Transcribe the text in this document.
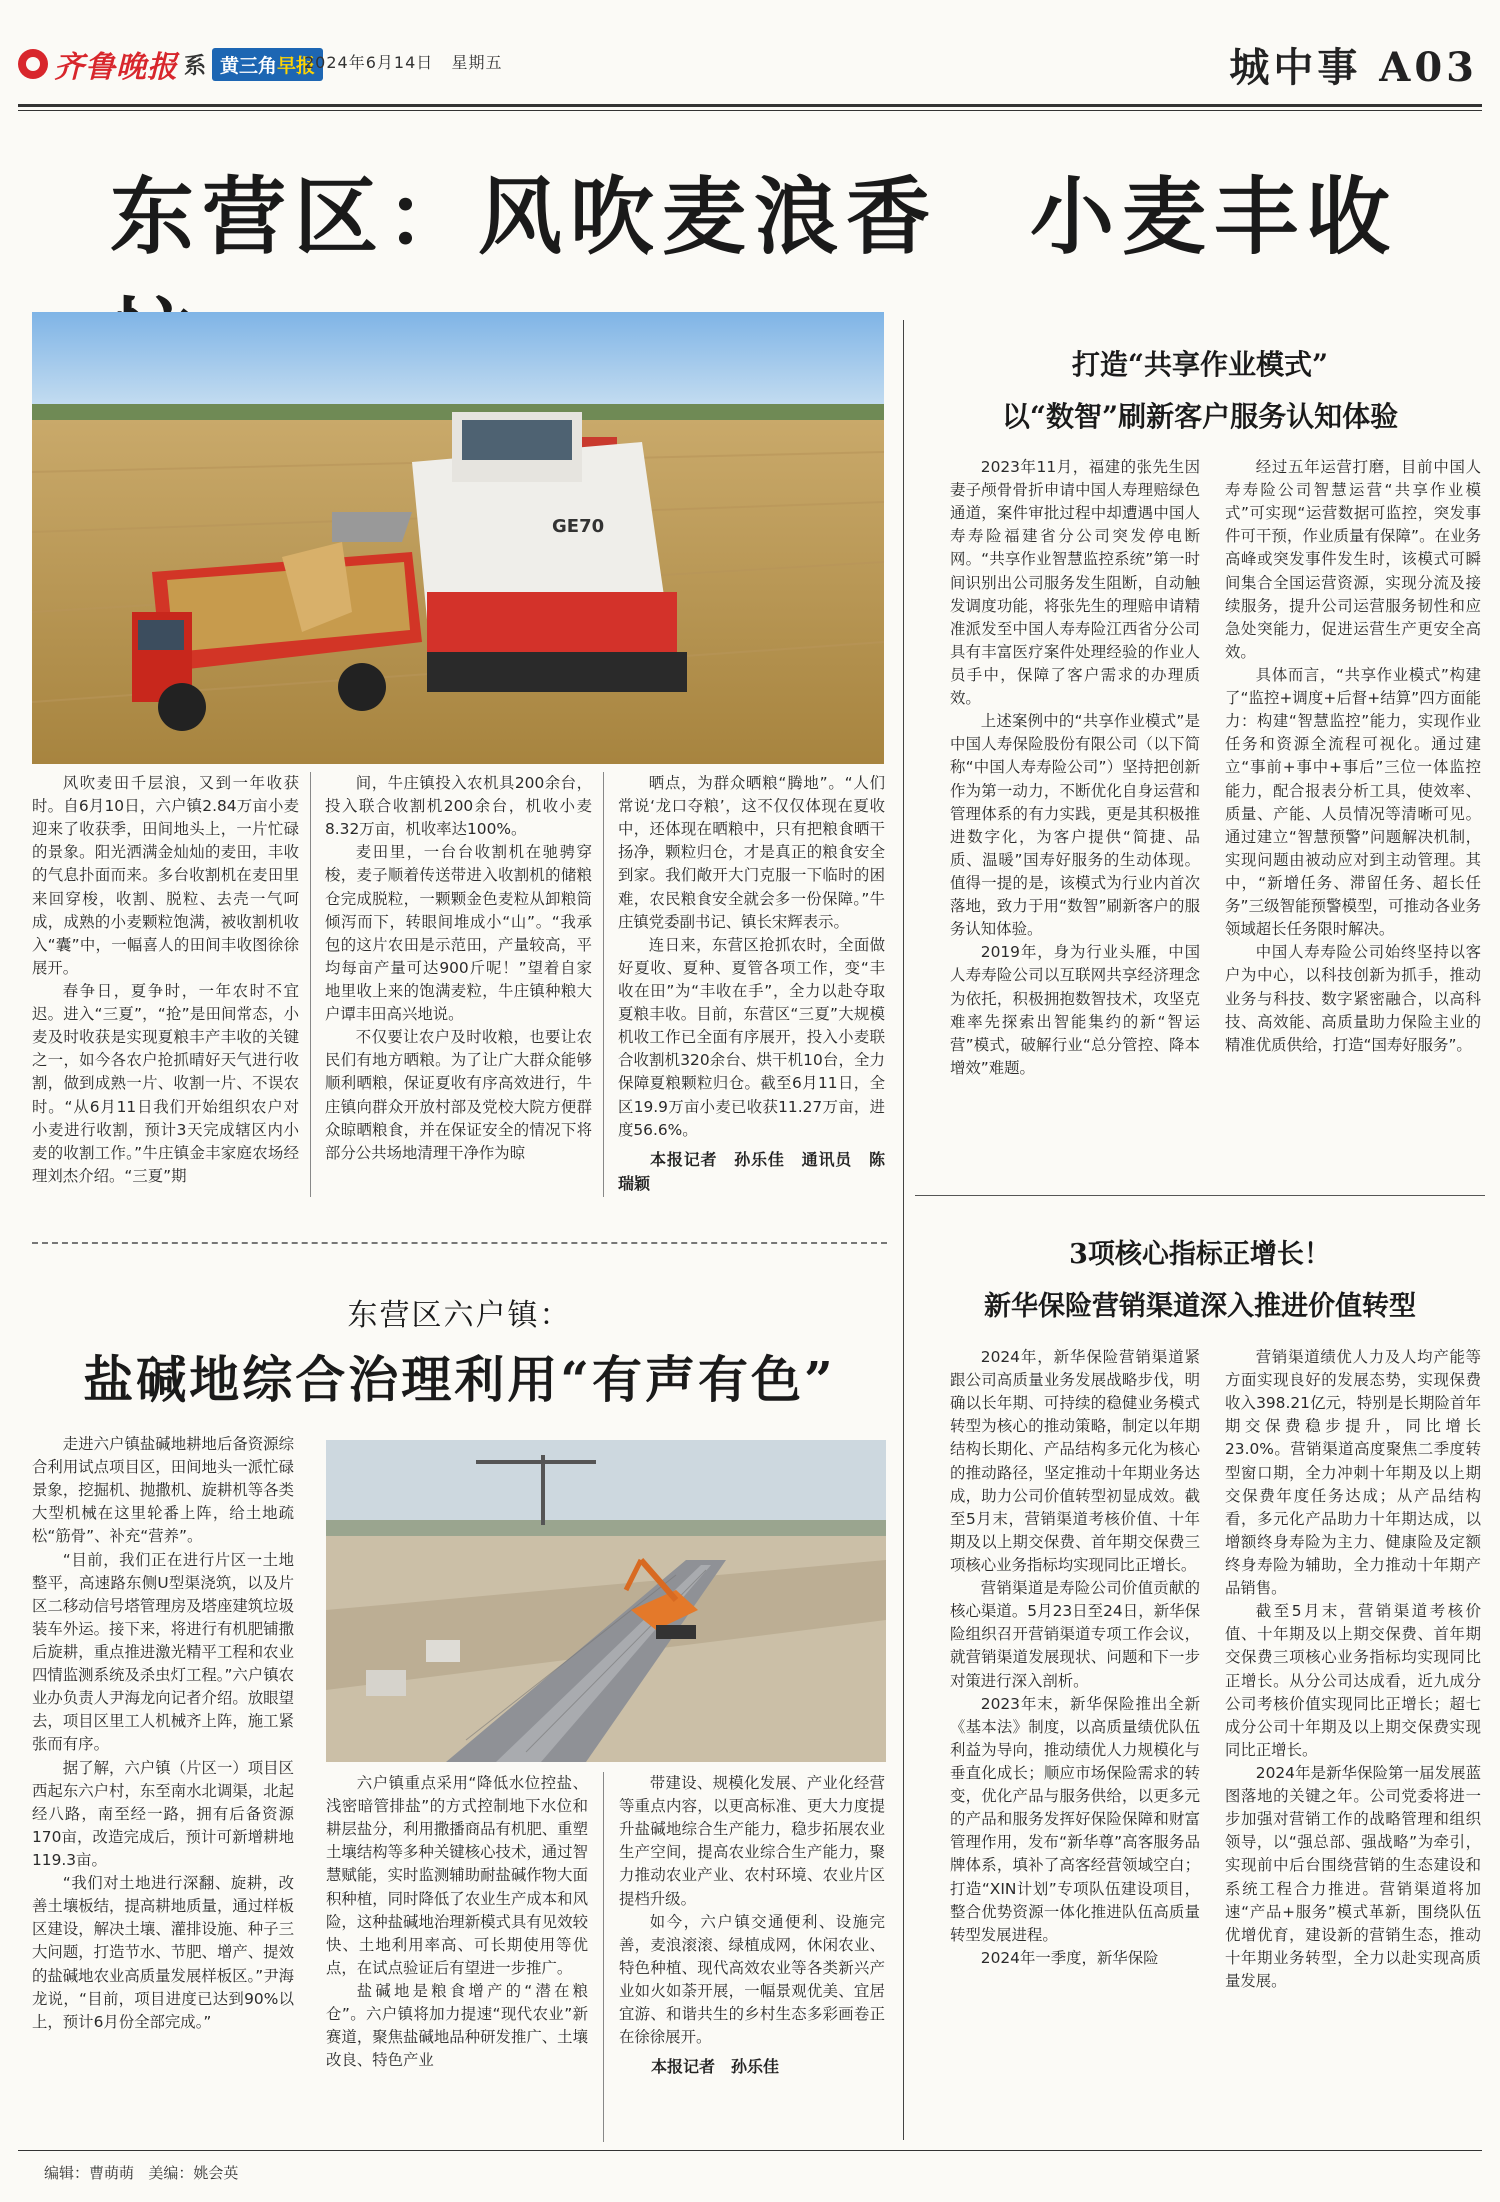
齐鲁晚报 系 黄三角早报
2024年6月14日 星期五	城中事 A03
东营区：风吹麦浪香　小麦丰收
GE70

风吹麦田千层浪，又到一年收获时。自6月10日，六户镇2.84万亩小麦迎来了收获季，田间地头上，一片忙碌的景象。阳光洒满金灿灿的麦田，丰收的气息扑面而来。多台收割机在麦田里来回穿梭，收割、脱粒、去壳一气呵成，成熟的小麦颗粒饱满，被收割机收入“囊”中，一幅喜人的田间丰收图徐徐展开。

春争日，夏争时，一年农时不宜迟。进入“三夏”，“抢”是田间常态，小麦及时收获是实现夏粮丰产丰收的关键之一，如今各农户抢抓晴好天气进行收割，做到成熟一片、收割一片、不误农时。“从6月11日我们开始组织农户对小麦进行收割，预计3天完成辖区内小麦的收割工作。”牛庄镇金丰家庭农场经理刘杰介绍。“三夏”期

间，牛庄镇投入农机具200余台，投入联合收割机200余台，机收小麦8.32万亩，机收率达100%。

麦田里，一台台收割机在驰骋穿梭，麦子顺着传送带进入收割机的储粮仓完成脱粒，一颗颗金色麦粒从卸粮筒倾泻而下，转眼间堆成小“山”。“我承包的这片农田是示范田，产量较高，平均每亩产量可达900斤呢！”望着自家地里收上来的饱满麦粒，牛庄镇种粮大户谭丰田高兴地说。

不仅要让农户及时收粮，也要让农民们有地方晒粮。为了让广大群众能够顺利晒粮，保证夏收有序高效进行，牛庄镇向群众开放村部及党校大院方便群众晾晒粮食，并在保证安全的情况下将部分公共场地清理干净作为晾

晒点，为群众晒粮“腾地”。“人们常说‘龙口夺粮’，这不仅仅体现在夏收中，还体现在晒粮中，只有把粮食晒干扬净，颗粒归仓，才是真正的粮食安全到家。我们敞开大门克服一下临时的困难，农民粮食安全就会多一份保障。”牛庄镇党委副书记、镇长宋辉表示。

连日来，东营区抢抓农时，全面做好夏收、夏种、夏管各项工作，变“丰收在田”为“丰收在手”，全力以赴夺取夏粮丰收。目前，东营区“三夏”大规模机收工作已全面有序展开，投入小麦联合收割机320余台、烘干机10台，全力保障夏粮颗粒归仓。截至6月11日，全区19.9万亩小麦已收获11.27万亩，进度56.6%。

本报记者　孙乐佳　通讯员　陈瑞颖
东营区六户镇：
盐碱地综合治理利用“有声有色”

走进六户镇盐碱地耕地后备资源综合利用试点项目区，田间地头一派忙碌景象，挖掘机、抛撒机、旋耕机等各类大型机械在这里轮番上阵，给土地疏松“筋骨”、补充“营养”。

“目前，我们正在进行片区一土地整平，高速路东侧U型渠浇筑，以及片区二移动信号塔管理房及塔座建筑垃圾装车外运。接下来，将进行有机肥铺撒后旋耕，重点推进激光精平工程和农业四情监测系统及杀虫灯工程。”六户镇农业办负责人尹海龙向记者介绍。放眼望去，项目区里工人机械齐上阵，施工紧张而有序。

据了解，六户镇（片区一）项目区西起东六户村，东至南水北调渠，北起经八路，南至经一路，拥有后备资源170亩，改造完成后，预计可新增耕地119.3亩。

“我们对土地进行深翻、旋耕，改善土壤板结，提高耕地质量，通过样板区建设，解决土壤、灌排设施、种子三大问题，打造节水、节肥、增产、提效的盐碱地农业高质量发展样板区。”尹海龙说，“目前，项目进度已达到90%以上，预计6月份全部完成。”

六户镇重点采用“降低水位控盐、浅密暗管排盐”的方式控制地下水位和耕层盐分，利用撒播商品有机肥、重塑土壤结构等多种关键核心技术，通过智慧赋能，实时监测辅助耐盐碱作物大面积种植，同时降低了农业生产成本和风险，这种盐碱地治理新模式具有见效较快、土地利用率高、可长期使用等优点，在试点验证后有望进一步推广。

盐碱地是粮食增产的“潜在粮仓”。六户镇将加力提速“现代农业”新赛道，聚焦盐碱地品种研发推广、土壤改良、特色产业

带建设、规模化发展、产业化经营等重点内容，以更高标准、更大力度提升盐碱地综合生产能力，稳步拓展农业生产空间，提高农业综合生产能力，聚力推动农业产业、农村环境、农业片区提档升级。

如今，六户镇交通便利、设施完善，麦浪滚滚、绿植成网，休闲农业、特色种植、现代高效农业等各类新兴产业如火如荼开展，一幅景观优美、宜居宜游、和谐共生的乡村生态多彩画卷正在徐徐展开。

本报记者　孙乐佳
打造“共享作业模式”
以“数智”刷新客户服务认知体验

2023年11月，福建的张先生因妻子颅骨骨折申请中国人寿理赔绿色通道，案件审批过程中却遭遇中国人寿寿险福建省分公司突发停电断网。“共享作业智慧监控系统”第一时间识别出公司服务发生阻断，自动触发调度功能，将张先生的理赔申请精准派发至中国人寿寿险江西省分公司具有丰富医疗案件处理经验的作业人员手中，保障了客户需求的办理质效。

上述案例中的“共享作业模式”是中国人寿保险股份有限公司（以下简称“中国人寿寿险公司”）坚持把创新作为第一动力，不断优化自身运营和管理体系的有力实践，更是其积极推进数字化，为客户提供“简捷、品质、温暖”国寿好服务的生动体现。值得一提的是，该模式为行业内首次落地，致力于用“数智”刷新客户的服务认知体验。

2019年，身为行业头雁，中国人寿寿险公司以互联网共享经济理念为依托，积极拥抱数智技术，攻坚克难率先探索出智能集约的新“智运营”模式，破解行业“总分管控、降本增效”难题。

经过五年运营打磨，目前中国人寿寿险公司智慧运营“共享作业模式”可实现“运营数据可监控，突发事件可干预，作业质量有保障”。在业务高峰或突发事件发生时，该模式可瞬间集合全国运营资源，实现分流及接续服务，提升公司运营服务韧性和应急处突能力，促进运营生产更安全高效。

具体而言，“共享作业模式”构建了“监控+调度+后督+结算”四方面能力：构建“智慧监控”能力，实现作业任务和资源全流程可视化。通过建立“事前+事中+事后”三位一体监控能力，配合报表分析工具，使效率、质量、产能、人员情况等清晰可见。通过建立“智慧预警”问题解决机制，实现问题由被动应对到主动管理。其中，“新增任务、滞留任务、超长任务”三级智能预警模型，可推动各业务领域超长任务限时解决。

中国人寿寿险公司始终坚持以客户为中心，以科技创新为抓手，推动业务与科技、数字紧密融合，以高科技、高效能、高质量助力保险主业的精准优质供给，打造“国寿好服务”。

3项核心指标正增长！
新华保险营销渠道深入推进价值转型

2024年，新华保险营销渠道紧跟公司高质量业务发展战略步伐，明确以长年期、可持续的稳健业务模式转型为核心的推动策略，制定以年期结构长期化、产品结构多元化为核心的推动路径，坚定推动十年期业务达成，助力公司价值转型初显成效。截至5月末，营销渠道考核价值、十年期及以上期交保费、首年期交保费三项核心业务指标均实现同比正增长。

营销渠道是寿险公司价值贡献的核心渠道。5月23日至24日，新华保险组织召开营销渠道专项工作会议，就营销渠道发展现状、问题和下一步对策进行深入剖析。

2023年末，新华保险推出全新《基本法》制度，以高质量绩优队伍利益为导向，推动绩优人力规模化与垂直化成长；顺应市场保险需求的转变，优化产品与服务供给，以更多元的产品和服务发挥好保险保障和财富管理作用，发布“新华尊”高客服务品牌体系，填补了高客经营领域空白；打造“XIN计划”专项队伍建设项目，整合优势资源一体化推进队伍高质量转型发展进程。

2024年一季度，新华保险

营销渠道绩优人力及人均产能等方面实现良好的发展态势，实现保费收入398.21亿元，特别是长期险首年期交保费稳步提升，同比增长23.0%。营销渠道高度聚焦二季度转型窗口期，全力冲刺十年期及以上期交保费年度任务达成；从产品结构看，多元化产品助力十年期达成，以增额终身寿险为主力、健康险及定额终身寿险为辅助，全力推动十年期产品销售。

截至5月末，营销渠道考核价值、十年期及以上期交保费、首年期交保费三项核心业务指标均实现同比正增长。从分公司达成看，近九成分公司考核价值实现同比正增长；超七成分公司十年期及以上期交保费实现同比正增长。

2024年是新华保险第一届发展蓝图落地的关键之年。公司党委将进一步加强对营销工作的战略管理和组织领导，以“强总部、强战略”为牵引，实现前中后台围绕营销的生态建设和系统工程合力推进。营销渠道将加速“产品+服务”模式革新，围绕队伍优增优育，建设新的营销生态，推动十年期业务转型，全力以赴实现高质量发展。

编辑：曹萌萌 美编：姚会英
